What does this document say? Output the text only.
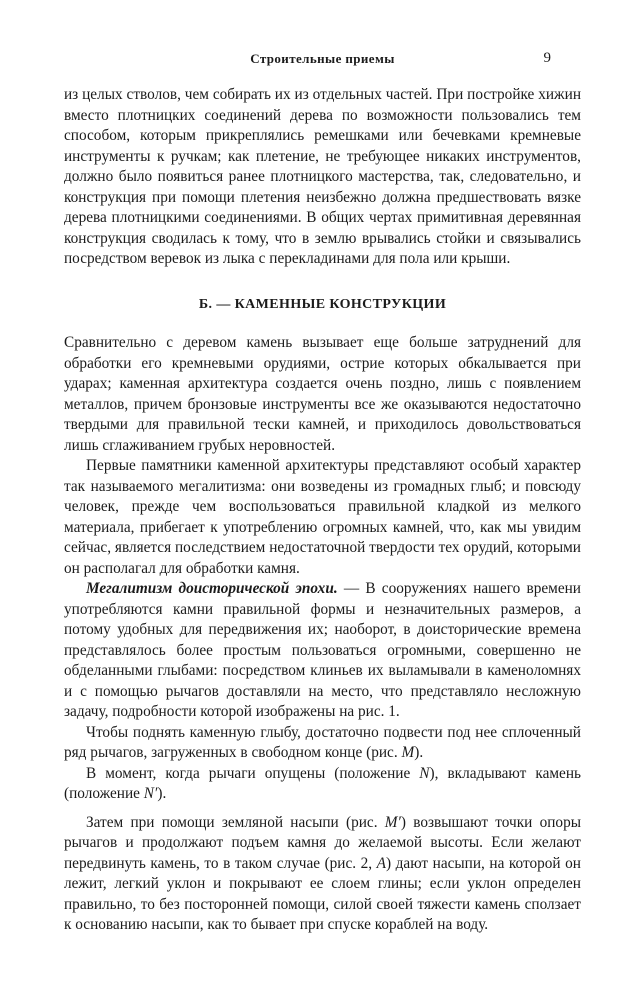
Строительные приемы	9

из целых стволов, чем собирать их из отдельных частей. При постройке хижин вместо плотницких соединений дерева по возможности пользовались тем способом, которым прикреплялись ремешками или бечевками кремневые инструменты к ручкам; как плетение, не требующее никаких инструментов, должно было появиться ранее плотницкого мастерства, так, следовательно, и конструкция при помощи плетения неизбежно должна предшествовать вязке дерева плотницкими соединениями. В общих чертах примитивная деревянная конструкция сводилась к тому, что в землю врывались стойки и связывались посредством веревок из лыка с перекладинами для пола или крыши.

Б. — КАМЕННЫЕ КОНСТРУКЦИИ

Сравнительно с деревом камень вызывает еще больше затруднений для обработки его кремневыми орудиями, острие которых обкалывается при ударах; каменная архитектура создается очень поздно, лишь с появлением металлов, причем бронзовые инструменты все же оказываются недостаточно твердыми для правильной тески камней, и приходилось довольствоваться лишь сглаживанием грубых неровностей.

Первые памятники каменной архитектуры представляют особый характер так называемого мегалитизма: они возведены из громадных глыб; и повсюду человек, прежде чем воспользоваться правильной кладкой из мелкого материала, прибегает к употреблению огромных камней, что, как мы увидим сейчас, является последствием недостаточной твердости тех орудий, которыми он располагал для обработки камня.

Мегалитизм доисторической эпохи. — В сооружениях нашего времени употребляются камни правильной формы и незначительных размеров, а потому удобных для передвижения их; наоборот, в доисторические времена представлялось более простым пользоваться огромными, совершенно не обделанными глыбами: посредством клиньев их выламывали в каменоломнях и с помощью рычагов доставляли на место, что представляло несложную задачу, подробности которой изображены на рис. 1.

Чтобы поднять каменную глыбу, достаточно подвести под нее сплоченный ряд рычагов, загруженных в свободном конце (рис. M).

В момент, когда рычаги опущены (положение N), вкладывают камень (положение N′).

Затем при помощи земляной насыпи (рис. M′) возвышают точки опоры рычагов и продолжают подъем камня до желаемой высоты. Если желают передвинуть камень, то в таком случае (рис. 2, A) дают насыпи, на которой он лежит, легкий уклон и покрывают ее слоем глины; если уклон определен правильно, то без посторонней помощи, силой своей тяжести камень сползает к основанию насыпи, как то бывает при спуске кораблей на воду.
